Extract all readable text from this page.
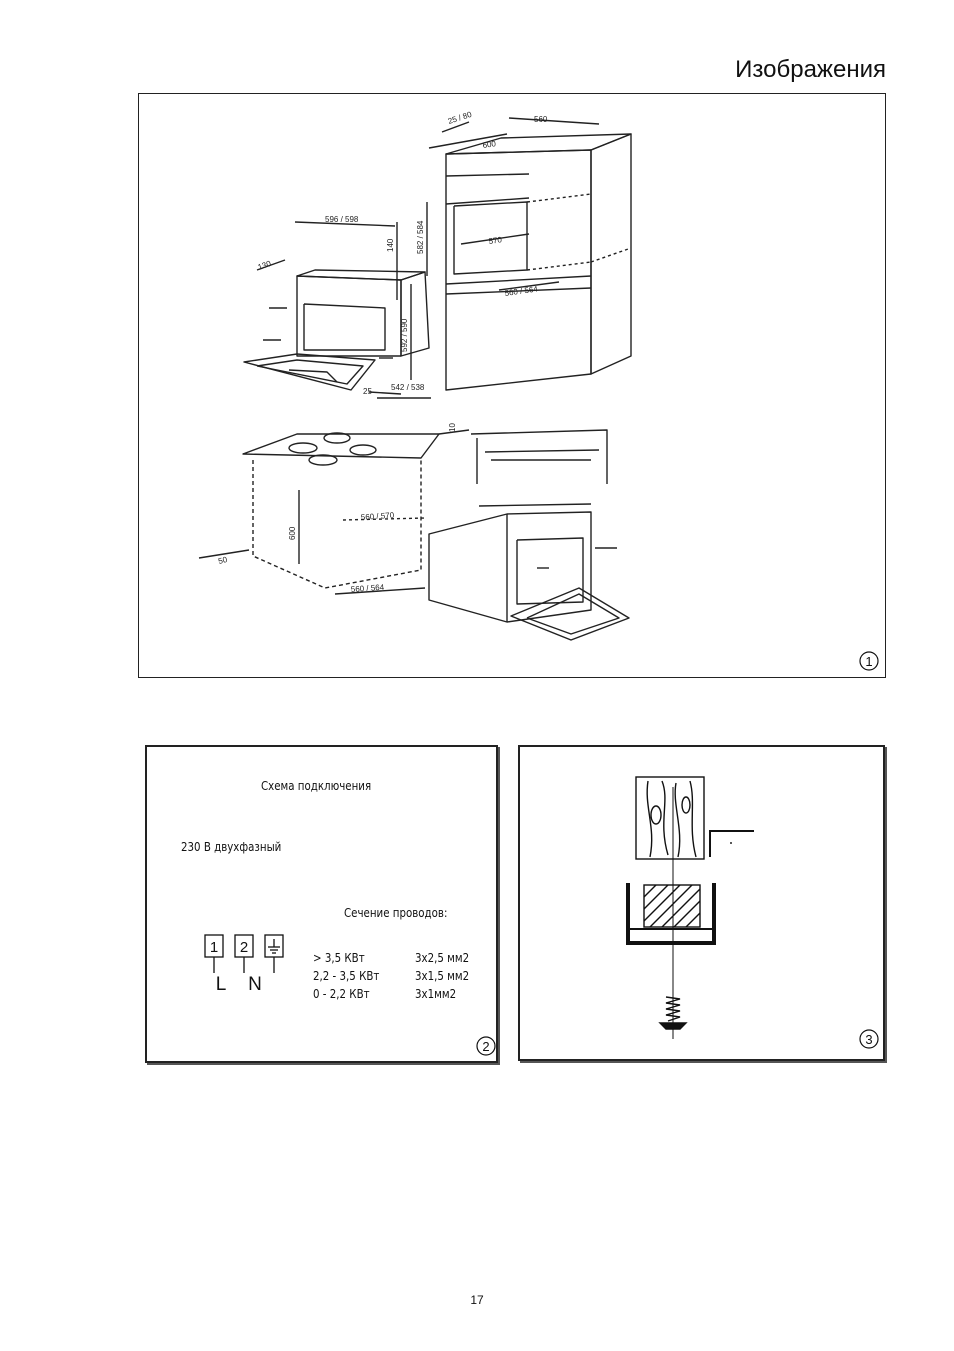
Изображения
1
25 / 80	560
600
570
582 / 584
560 / 564
596 / 598
140
130
592 / 590
542 / 538
25
10
600
560 / 570
50
560 / 564
Схема подключения
230 В двухфазный
Сечение проводов:
1 2
L N
2
> 3,5 КВт	3х2,5 мм2
2,2 - 3,5 КВт	3х1,5 мм2
0 - 2,2 КВт	3х1мм2
3
17
